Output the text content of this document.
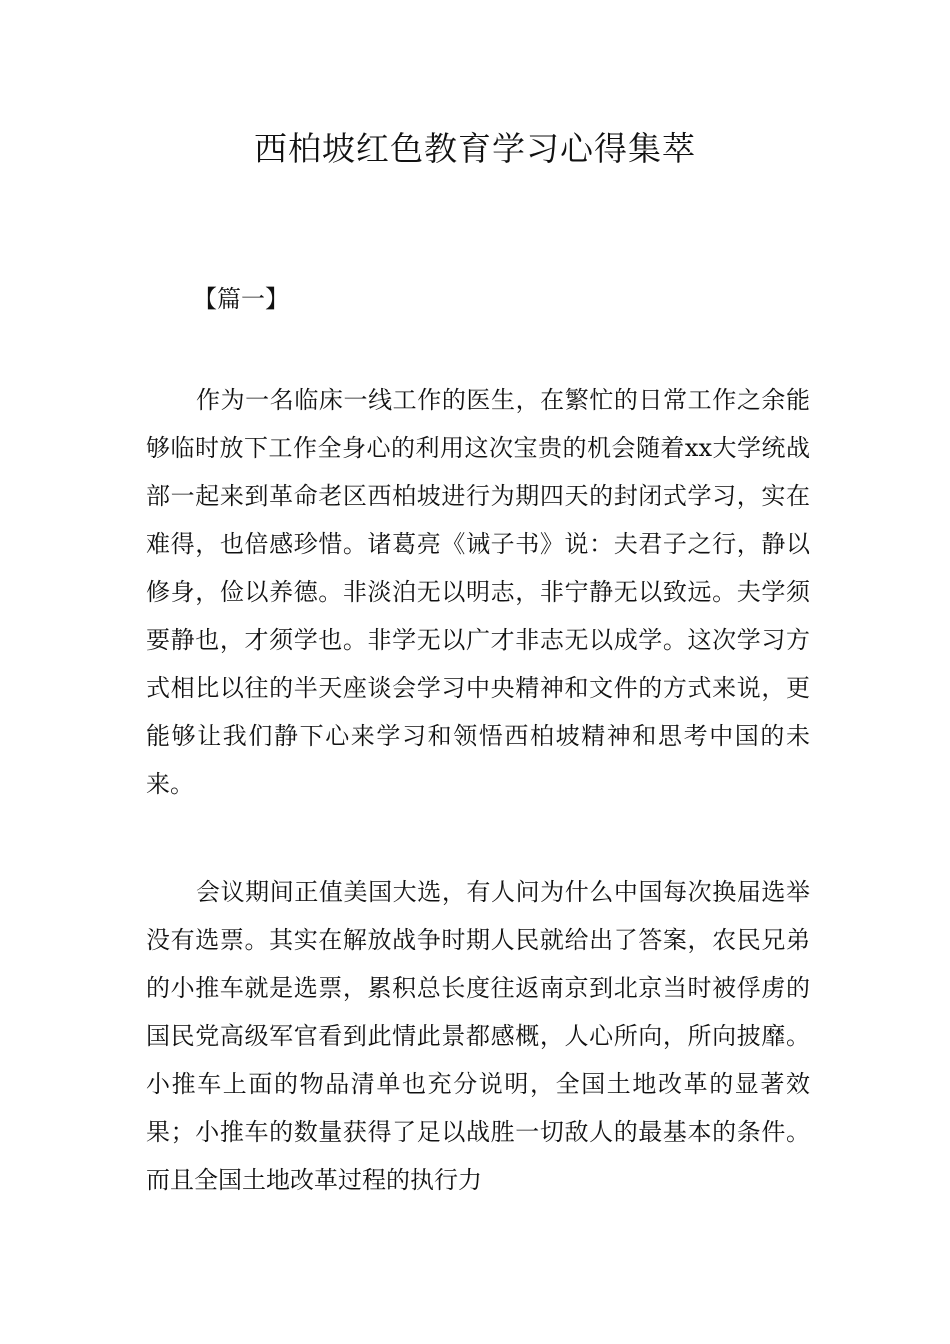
西柏坡红色教育学习心得集萃
【篇一】

作为一名临床一线工作的医生，在繁忙的日常工作之余能够临时放下工作全身心的利用这次宝贵的机会随着xx大学统战部一起来到革命老区西柏坡进行为期四天的封闭式学习，实在难得，也倍感珍惜。诸葛亮《诫子书》说：夫君子之行，静以修身，俭以养德。非淡泊无以明志，非宁静无以致远。夫学须要静也，才须学也。非学无以广才非志无以成学。这次学习方式相比以往的半天座谈会学习中央精神和文件的方式来说，更能够让我们静下心来学习和领悟西柏坡精神和思考中国的未来。

会议期间正值美国大选，有人问为什么中国每次换届选举没有选票。其实在解放战争时期人民就给出了答案，农民兄弟的小推车就是选票，累积总长度往返南京到北京当时被俘虏的国民党高级军官看到此情此景都感概，人心所向，所向披靡。小推车上面的物品清单也充分说明，全国土地改革的显著效果；小推车的数量获得了足以战胜一切敌人的最基本的条件。而且全国土地改革过程的执行力
